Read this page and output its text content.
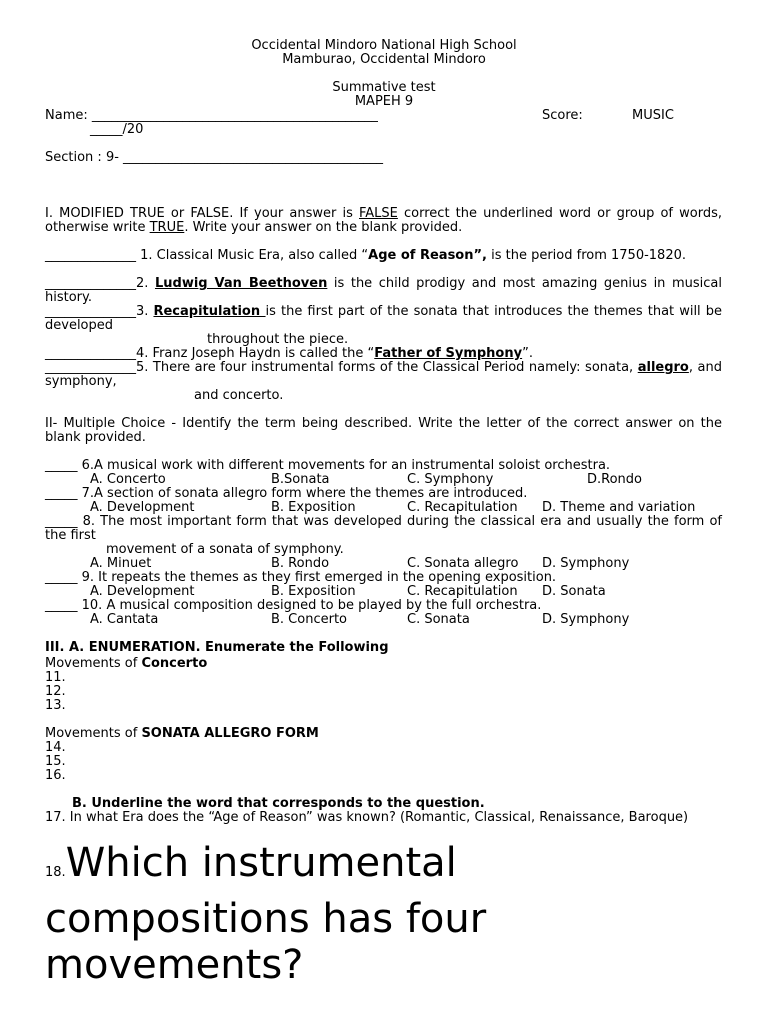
Occidental Mindoro National High School
Mamburao, Occidental Mindoro
Summative test
MAPEH 9
Name: ____________________________________________	Score:	MUSIC
_____/20
Section : 9- ________________________________________
I. MODIFIED TRUE or FALSE. If your answer is FALSE correct the underlined word or group of words, otherwise write TRUE. Write your answer on the blank provided.
______________ 1. Classical Music Era, also called “Age of Reason”, is the period from 1750-1820.
______________2. Ludwig Van Beethoven is the child prodigy and most amazing genius in musical history.
______________3. Recapitulation is the first part of the sonata that introduces the themes that will be developed
throughout the piece.
______________4. Franz Joseph Haydn is called the “Father of Symphony”.
______________5. There are four instrumental forms of the Classical Period namely: sonata, allegro, and symphony,
and concerto.
II- Multiple Choice - Identify the term being described. Write the letter of the correct answer on the blank provided.
_____ 6.A musical work with different movements for an instrumental soloist orchestra.
A. Concerto	B.Sonata	C. Symphony	D.Rondo
_____ 7.A section of sonata allegro form where the themes are introduced.
A. Development	B. Exposition	C. Recapitulation D. Theme and variation
_____ 8. The most important form that was developed during the classical era and usually the form of the first
movement of a sonata of symphony.
A. Minuet	B. Rondo	C. Sonata allegro D. Symphony
_____ 9. It repeats the themes as they first emerged in the opening exposition.
A. Development	B. Exposition	C. Recapitulation D. Sonata
_____ 10. A musical composition designed to be played by the full orchestra.
A. Cantata	B. Concerto	C. Sonata	D. Symphony
III. A. ENUMERATION. Enumerate the Following
Movements of Concerto
11.
12.
13.
Movements of SONATA ALLEGRO FORM
14.
15.
16.
B. Underline the word that corresponds to the question.
17. In what Era does the “Age of Reason” was known? (Romantic, Classical, Renaissance, Baroque)
18.Which instrumental compositions has four movements?
